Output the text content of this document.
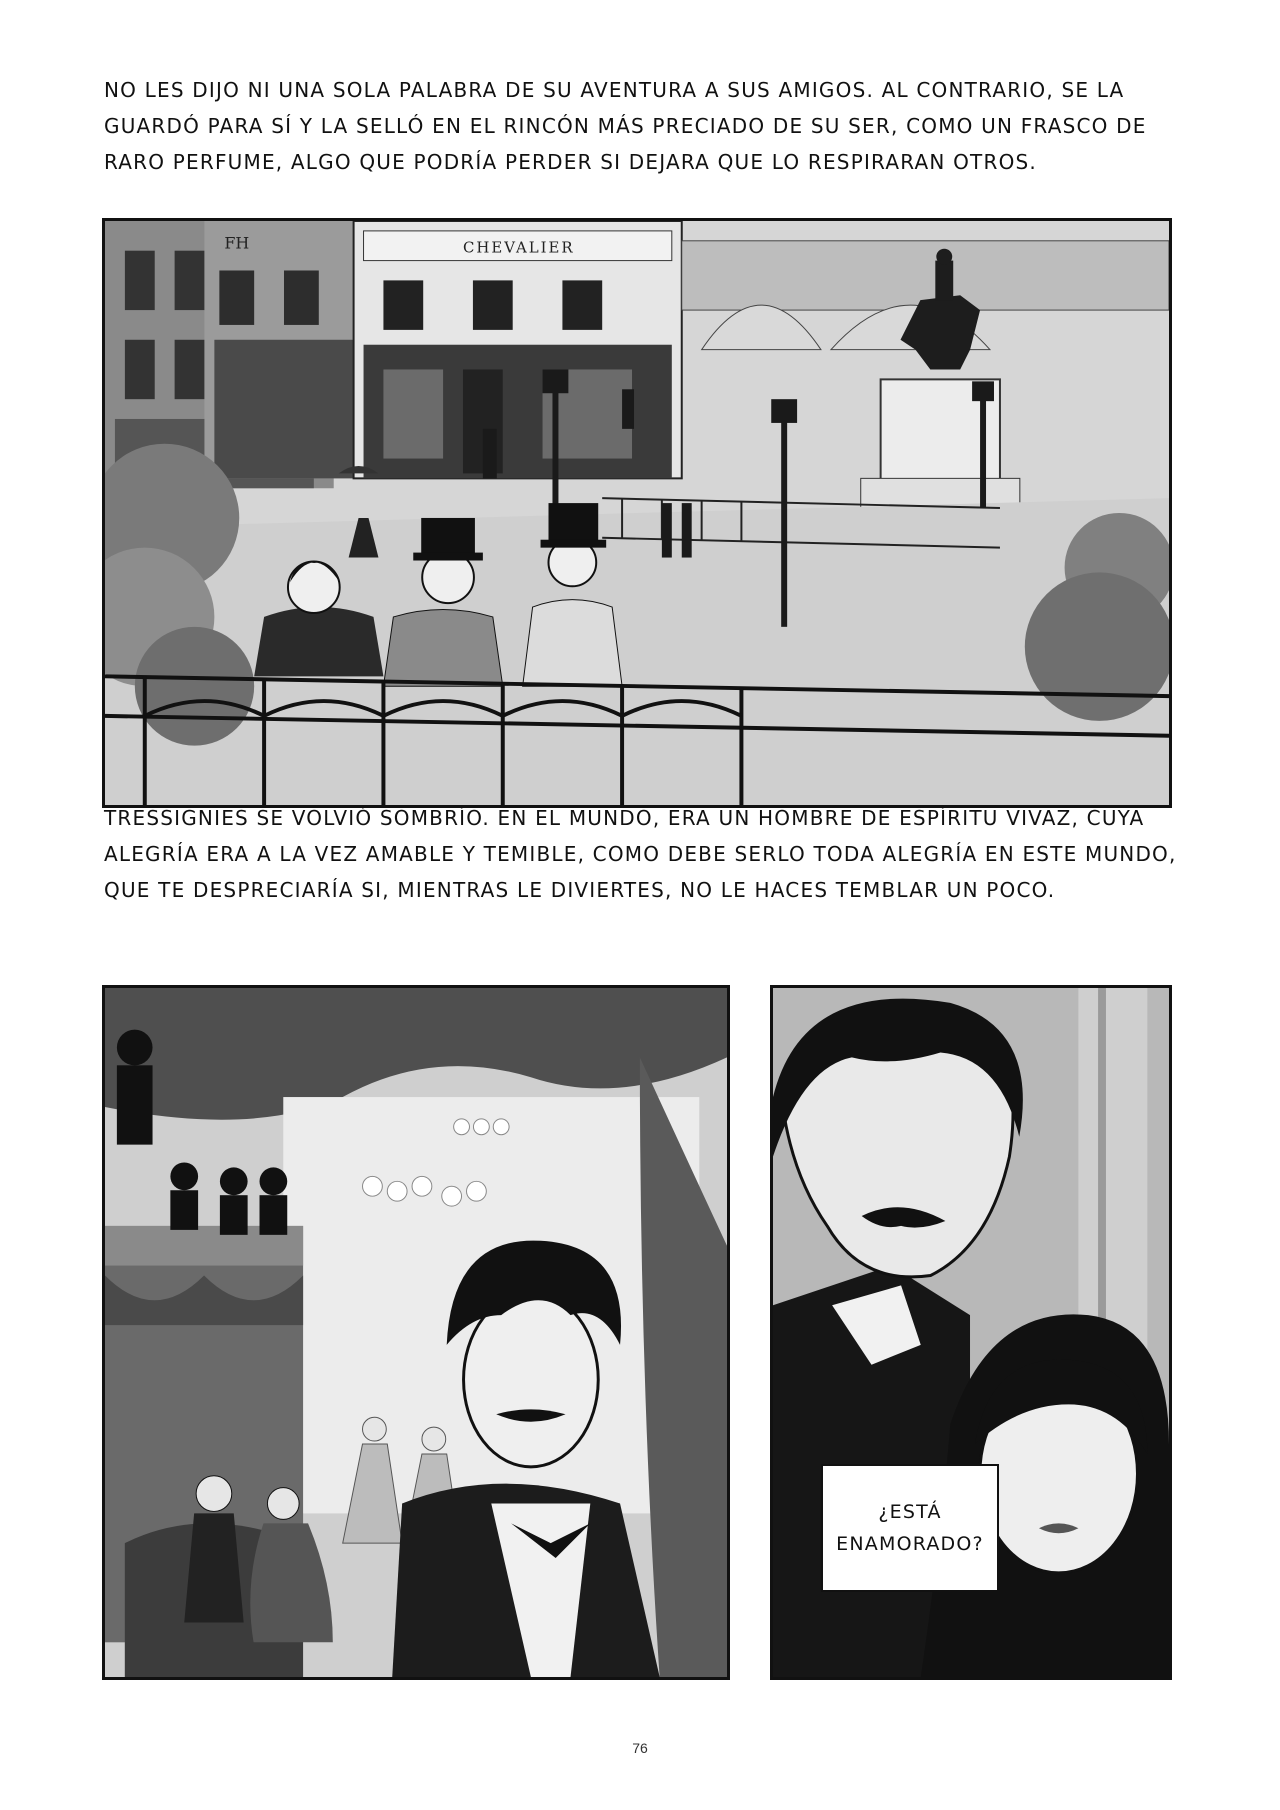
NO LES DIJO NI UNA SOLA PALABRA DE SU AVENTURA A SUS AMIGOS. AL CONTRARIO, SE LA
GUARDÓ PARA SÍ Y LA SELLÓ EN EL RINCÓN MÁS PRECIADO DE SU SER, COMO UN FRASCO DE
RARO PERFUME, ALGO QUE PODRÍA PERDER SI DEJARA QUE LO RESPIRARAN OTROS.
FH	CHEVALIER
TRESSIGNIES SE VOLVIÓ SOMBRÍO. EN EL MUNDO, ERA UN HOMBRE DE ESPÍRITU VIVAZ, CUYA
ALEGRÍA ERA A LA VEZ AMABLE Y TEMIBLE, COMO DEBE SERLO TODA ALEGRÍA EN ESTE MUNDO,
QUE TE DESPRECIARÍA SI, MIENTRAS LE DIVIERTES, NO LE HACES TEMBLAR UN POCO.
¿ESTÁ
ENAMORADO?
76
